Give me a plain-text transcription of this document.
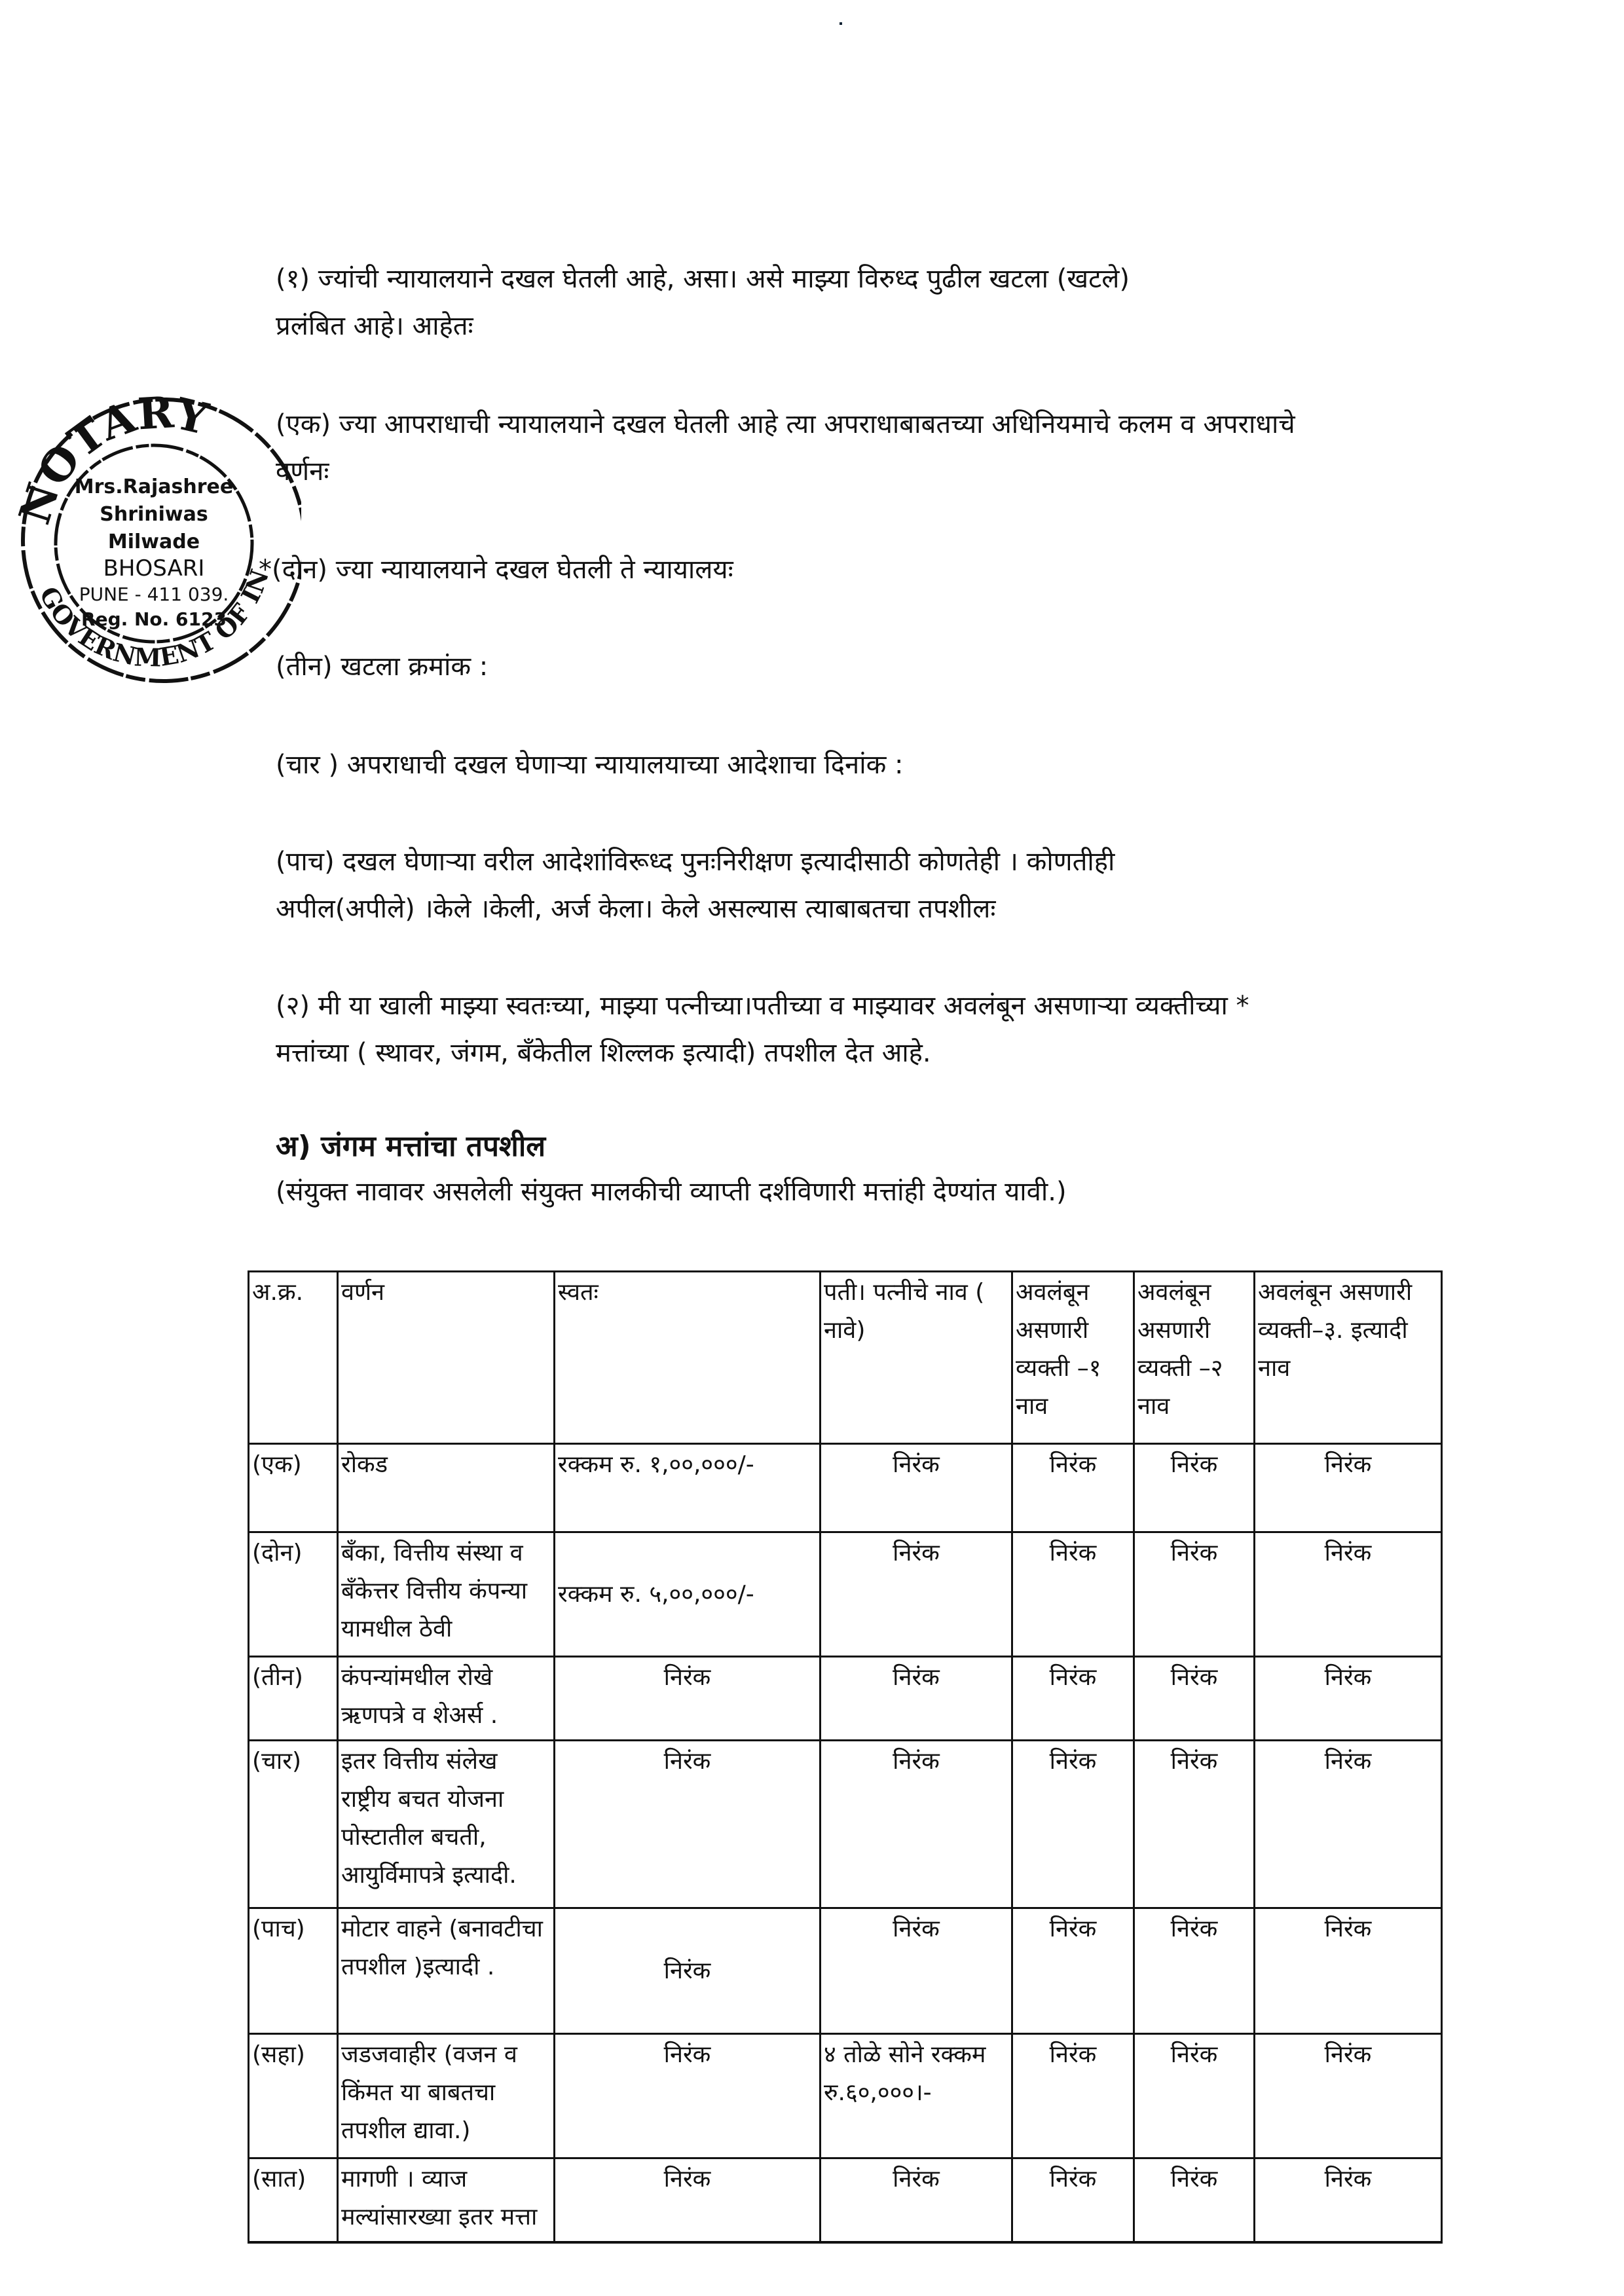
(१) ज्यांची न्यायालयाने दखल घेतली आहे, असा। असे माझ्या विरुध्द पुढील खटला (खटले)
प्रलंबित आहे। आहेतः
(एक) ज्या आपराधाची न्यायालयाने दखल घेतली आहे त्या अपराधाबाबतच्या अधिनियमाचे कलम व अपराधाचे
वर्णनः
*(दोन) ज्या न्यायालयाने दखल घेतली ते न्यायालयः
(तीन) खटला क्रमांक :
(चार ) अपराधाची दखल घेणाऱ्या न्यायालयाच्या आदेशाचा दिनांक :
(पाच) दखल घेणाऱ्या वरील आदेशांविरूध्द पुनःनिरीक्षण इत्यादीसाठी कोणतेही । कोणतीही
अपील(अपीले) ।केले ।केली, अर्ज केला। केले असल्यास त्याबाबतचा तपशीलः
(२) मी या खाली माझ्या स्वतःच्या, माझ्या पत्नीच्या।पतीच्या व माझ्यावर अवलंबून असणाऱ्या व्यक्तीच्या *
मत्तांच्या ( स्थावर, जंगम, बँकेतील शिल्लक इत्यादी) तपशील देत आहे.
अ) जंगम मत्तांचा तपशील
(संयुक्त नावावर असलेली संयुक्त मालकीची व्याप्ती दर्शविणारी मत्तांही देण्यांत यावी.)
NOTARY
GOVERNMENT OF IN
Mrs.Rajashree
Shriniwas
Milwade
BHOSARI
PUNE - 411 039.
Reg. No. 6123
अ.क्र.	वर्णन	स्वतः	पती। पत्नीचे नाव ( नावे)	अवलंबून असणारी व्यक्ती –१ नाव	अवलंबून असणारी व्यक्ती –२ नाव	अवलंबून असणारी व्यक्ती–३. इत्यादी नाव
(एक)	रोकड	रक्कम रु. १,००,०००/-	निरंक	निरंक	निरंक	निरंक
(दोन)	बँका, वित्तीय संस्था व बँकेत्तर वित्तीय कंपन्या यामधील ठेवी	रक्कम रु. ५,००,०००/-	निरंक	निरंक	निरंक	निरंक
(तीन)	कंपन्यांमधील रोखे ऋणपत्रे व शेअर्स .	निरंक	निरंक	निरंक	निरंक	निरंक
(चार)	इतर वित्तीय संलेख राष्ट्रीय बचत योजना पोस्टातील बचती, आयुर्विमापत्रे इत्यादी.	निरंक	निरंक	निरंक	निरंक	निरंक
(पाच)	मोटार वाहने (बनावटीचा तपशील )इत्यादी .	निरंक	निरंक	निरंक	निरंक	निरंक
(सहा)	जडजवाहीर (वजन व किंमत या बाबतचा तपशील द्यावा.)	निरंक	४ तोळे सोने रक्कम रु.६०,०००।-	निरंक	निरंक	निरंक
(सात)	मागणी । व्याज मल्यांसारख्या इतर मत्ता	निरंक	निरंक	निरंक	निरंक	निरंक
